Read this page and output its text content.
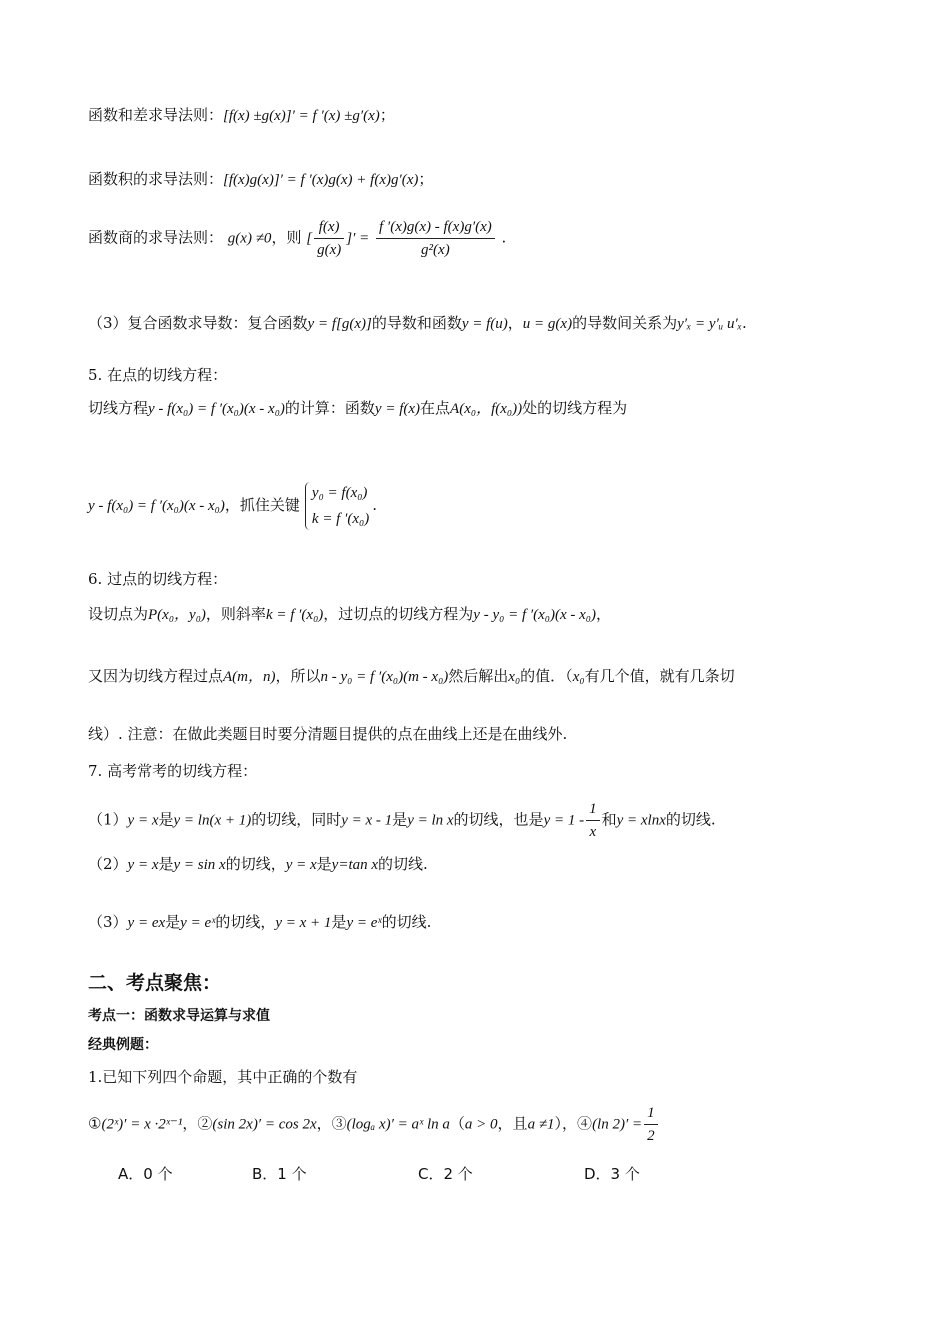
函数和差求导法则：[f(x) ±g(x)]′ = f ′(x) ±g′(x)；
函数积的求导法则：[f(x)g(x)]′ = f ′(x)g(x) + f(x)g′(x)；
函数商的求导法则： g(x) ≠0，则 [ $\frac{f(x)}{g(x)}$ ]′ = $\frac{f '(x)g(x) - f(x)g'(x)}{\text{g²(x)}}$ .
（3）复合函数求导数：复合函数y = f[g(x)]的导数和函数y = f(u)，u = g(x)的导数间关系为y′ₓ = y′ᵤ u′ₓ.
5. 在点的切线方程：
切线方程y - f(x₀) = f ′(x₀)(x - x₀)的计算：函数y = f(x)在点A(x₀，f(x₀))处的切线方程为
y - f(x₀) = f ′(x₀)(x - x₀)，抓住关键
y₀ = f(x₀)
k = f ′(x₀)
.
6. 过点的切线方程：
设切点为P(x₀，y₀)，则斜率k = f ′(x₀)，过切点的切线方程为y - y₀ = f ′(x₀)(x - x₀)，
又因为切线方程过点A(m，n)，所以n - y₀ = f ′(x₀)(m - x₀)然后解出x₀的值．（x₀有几个值，就有几条切
线）. 注意：在做此类题目时要分清题目提供的点在曲线上还是在曲线外.
7. 高考常考的切线方程：
（1）y = x是y = ln(x + 1)的切线，同时y = x - 1是y = ln x的切线，也是$y = 1 - \frac{1}{x}$ 和y = xlnx的切线.
（2）y = x是y = sin x的切线，y = x是y=tan x的切线.
（3）y = ex是y = eˣ的切线，y = x + 1是y = eˣ的切线.
二、考点聚焦：
考点一：函数求导运算与求值
经典例题：
1.已知下列四个命题，其中正确的个数有
①(2ˣ)′ = x ·2ˣ⁻¹，②(sin 2x)′ = cos 2x，③(logₐ x)′ = aˣ ln a（a > 0，且a ≠1），④(ln $2)' = \frac{1}{2}$
A．0 个	B．1 个	C．2 个	D．3 个
